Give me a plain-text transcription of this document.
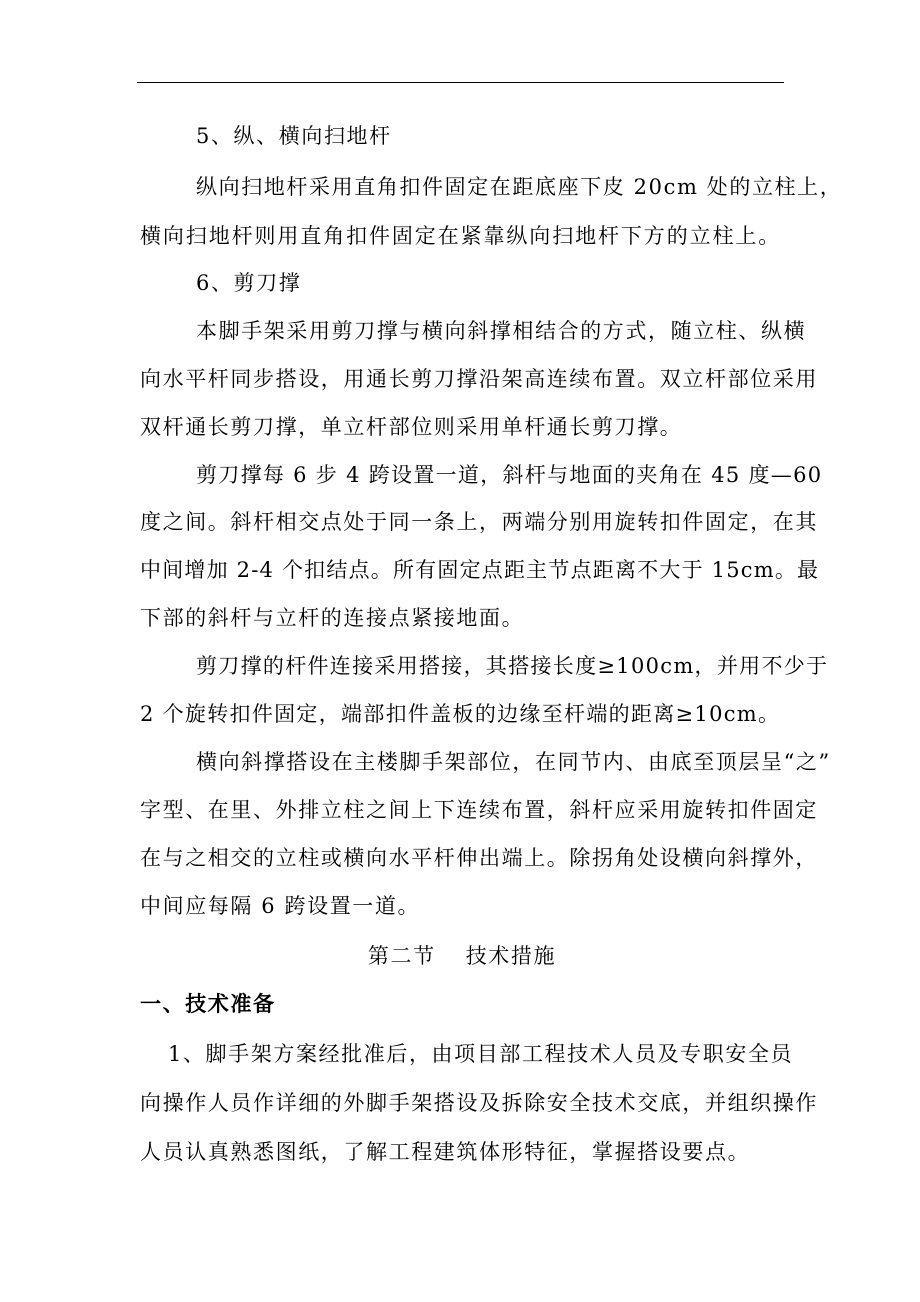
5、纵、横向扫地杆
纵向扫地杆采用直角扣件固定在距底座下皮 20cm 处的立柱上，
横向扫地杆则用直角扣件固定在紧靠纵向扫地杆下方的立柱上。
6、剪刀撑
本脚手架采用剪刀撑与横向斜撑相结合的方式，随立柱、纵横
向水平杆同步搭设，用通长剪刀撑沿架高连续布置。双立杆部位采用
双杆通长剪刀撑，单立杆部位则采用单杆通长剪刀撑。
剪刀撑每 6 步 4 跨设置一道，斜杆与地面的夹角在 45 度—60
度之间。斜杆相交点处于同一条上，两端分别用旋转扣件固定，在其
中间增加 2-4 个扣结点。所有固定点距主节点距离不大于 15cm。最
下部的斜杆与立杆的连接点紧接地面。
剪刀撑的杆件连接采用搭接，其搭接长度≥100cm，并用不少于
2 个旋转扣件固定，端部扣件盖板的边缘至杆端的距离≥10cm。
横向斜撑搭设在主楼脚手架部位，在同节内、由底至顶层呈“之”
字型、在里、外排立柱之间上下连续布置，斜杆应采用旋转扣件固定
在与之相交的立柱或横向水平杆伸出端上。除拐角处设横向斜撑外，
中间应每隔 6 跨设置一道。
第二节 技术措施
一、技术准备
1、脚手架方案经批准后，由项目部工程技术人员及专职安全员
向操作人员作详细的外脚手架搭设及拆除安全技术交底，并组织操作
人员认真熟悉图纸，了解工程建筑体形特征，掌握搭设要点。
